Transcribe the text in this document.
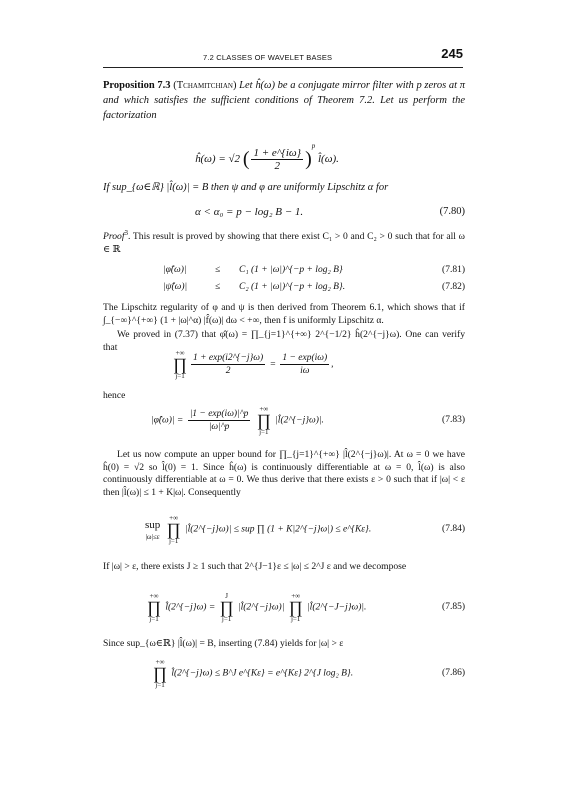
7.2 CLASSES OF WAVELET BASES	245
Proposition 7.3 (Tchamitchian) Let ĥ(ω) be a conjugate mirror filter with p zeros at π and which satisfies the sufficient conditions of Theorem 7.2. Let us perform the factorization
ĥ(ω) = √2 ( $\frac{1 + e\^{}\{i\omega\}}{2} )^p$ l̂(ω).
If sup_{ω∈ℝ} |l̂(ω)| = B then ψ and φ are uniformly Lipschitz α for
α < α₀ = p − log₂ B − 1.	(7.80)
Proof$^3$. This result is proved by showing that there exist C₁ > 0 and C₂ > 0 such that for all ω ∈ ℝ
|φ̂(ω)|	≤ C₁ (1 + |ω|)^{−p + log₂ B}	(7.81)
|ψ̂(ω)|	≤ C₂ (1 + |ω|)^{−p + log₂ B}.	(7.82)
The Lipschitz regularity of φ and ψ is then derived from Theorem 6.1, which shows that if ∫_{−∞}^{+∞} (1 + |ω|^α) |f̂(ω)| dω < +∞, then f is uniformly Lipschitz α.
We proved in (7.37) that φ̂(ω) = ∏_{j=1}^{+∞} 2^{−1/2} ĥ(2^{−j}ω). One can verify that
+∞
∏
$j=1 \frac{1 + \exp(i2\^{}\{-j\}\omega)}{2} = \frac{1 - \exp(i\omega)}{i\omega}$ ,
hence
|φ̂(ω)| = $\frac{|1 - \exp(i\omega)|\^{}p}{|\omega|\^{}p}$
	+∞
∏
j=1
|l̂(2^{−j}ω)|.	(7.83)
Let us now compute an upper bound for ∏_{j=1}^{+∞} |l̂(2^{−j}ω)|. At ω = 0 we have ĥ(0) = √2 so l̂(0) = 1. Since ĥ(ω) is continuously differentiable at ω = 0, l̂(ω) is also continuously differentiable at ω = 0. We thus derive that there exists ε > 0 such that if |ω| < ε then |l̂(ω)| ≤ 1 + K|ω|. Consequently
sup
|ω|≤ε

+∞
∏
j=1
|l̂(2^{−j}ω)| ≤ sup ∏ (1 + K|2^{−j}ω|) ≤ e^{Kε}.	(7.84)
If |ω| > ε, there exists J ≥ 1 such that 2^{J−1}ε ≤ |ω| ≤ 2^J ε and we decompose
+∞
∏
j=1
l̂(2^{−j}ω) =
J
∏
j=1
|l̂(2^{−j}ω)|
+∞
∏
j=1
|l̂(2^{−J−j}ω)|.	(7.85)
Since sup_{ω∈ℝ} |l̂(ω)| = B, inserting (7.84) yields for |ω| > ε
+∞
∏
j=1
l̂(2^{−j}ω) ≤ B^J e^{Kε} = e^{Kε} 2^{J log₂ B}.	(7.86)
